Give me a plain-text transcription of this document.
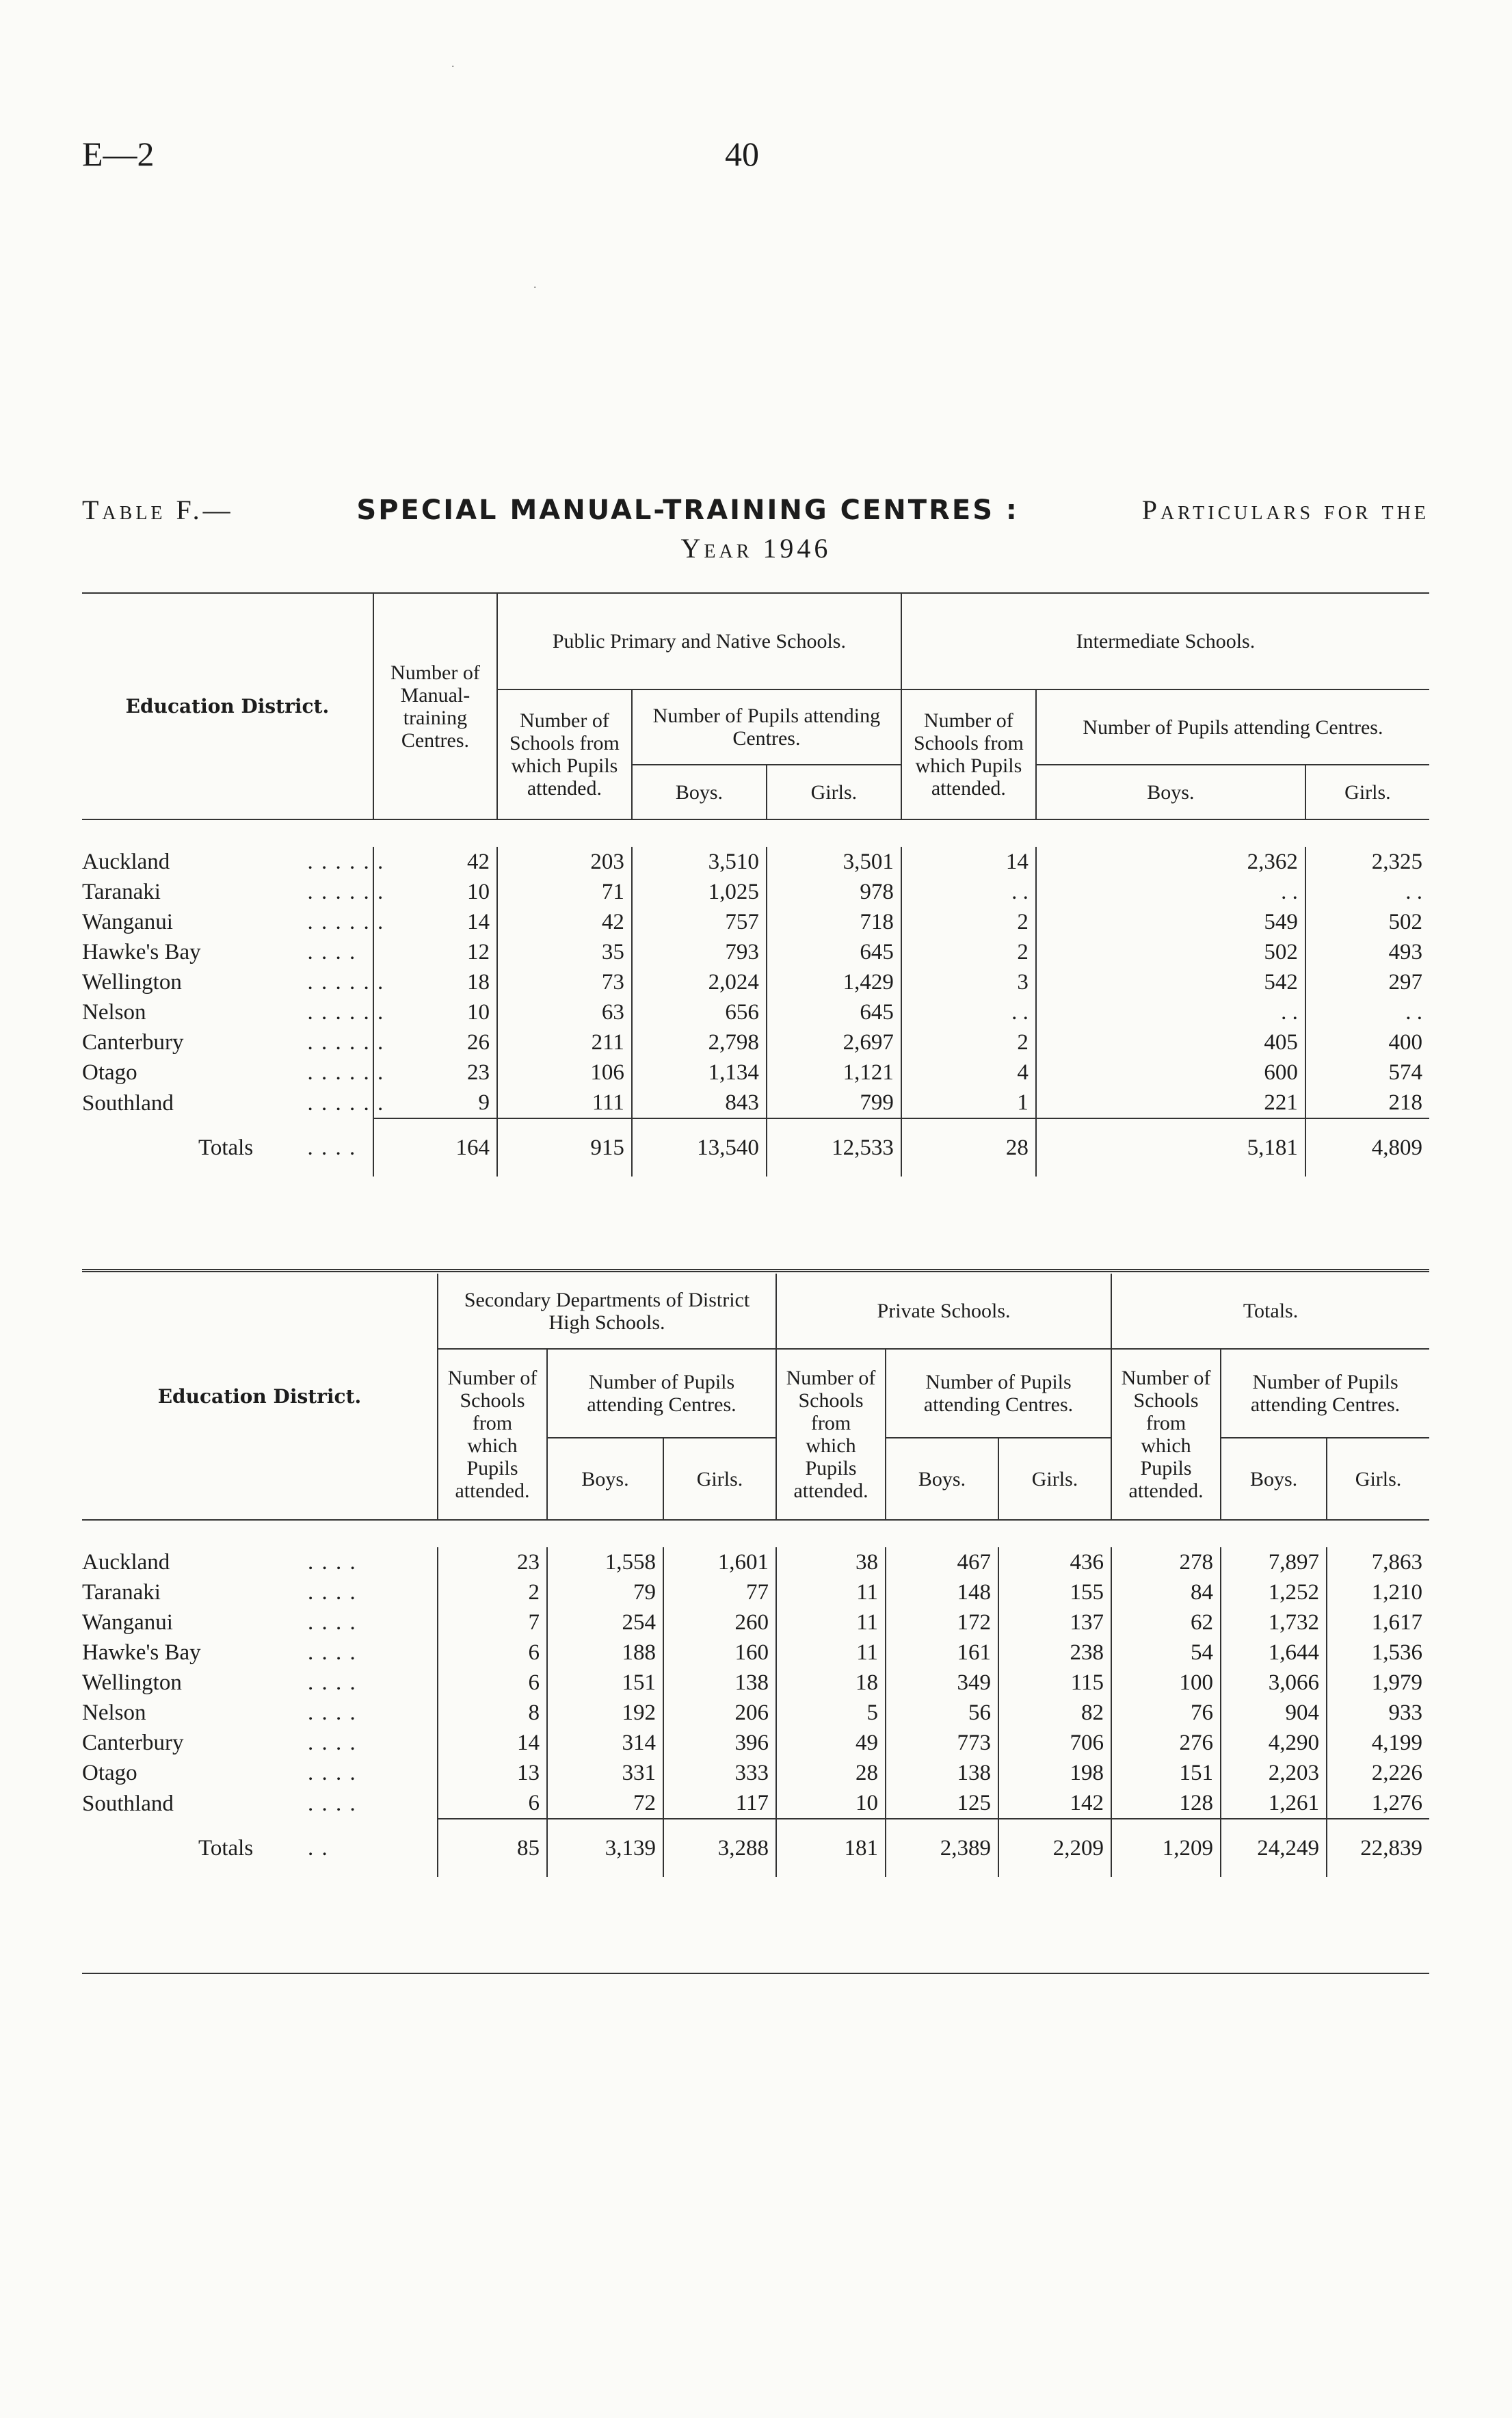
E—2	40
.
.
Table F.—	SPECIAL MANUAL-TRAINING CENTRES :	Particulars for the
Year 1946
Education District.		Number of Manual-training Centres.	Public Primary and Native Schools.			Intermediate Schools.		
			Number of Schools from which Pupils attended.	Number of Pupils attending Centres.		Number of Schools from which Pupils attended.	Number of Pupils attending Centres.	
				Boys.	Girls.		Boys.	Girls.

Auckland	. . . . . .	42	203	3,510	3,501	14	2,362	2,325
Taranaki	. . . . . .	10	71	1,025	978	. .	. .	. .
Wanganui	. . . . . .	14	42	757	718	2	549	502
Hawke's Bay	. . . .	12	35	793	645	2	502	493
Wellington	. . . . . .	18	73	2,024	1,429	3	542	297
Nelson	. . . . . .	10	63	656	645	. .	. .	. .
Canterbury	. . . . . .	26	211	2,798	2,697	2	405	400
Otago	. . . . . .	23	106	1,134	1,121	4	600	574
Southland	. . . . . .	9	111	843	799	1	221	218
Totals	. . . .	164	915	13,540	12,533	28	5,181	4,809
Education District.		Secondary Departments of District High Schools.			Private Schools.			Totals.		
		Number of Schools from which Pupils attended.	Number of Pupils attending Centres.		Number of Schools from which Pupils attended.	Number of Pupils attending Centres.		Number of Schools from which Pupils attended.	Number of Pupils attending Centres.	
			Boys.	Girls.		Boys.	Girls.		Boys.	Girls.

Auckland	. . . .	23	1,558	1,601	38	467	436	278	7,897	7,863
Taranaki	. . . .	2	79	77	11	148	155	84	1,252	1,210
Wanganui	. . . .	7	254	260	11	172	137	62	1,732	1,617
Hawke's Bay	. . . .	6	188	160	11	161	238	54	1,644	1,536
Wellington	. . . .	6	151	138	18	349	115	100	3,066	1,979
Nelson	. . . .	8	192	206	5	56	82	76	904	933
Canterbury	. . . .	14	314	396	49	773	706	276	4,290	4,199
Otago	. . . .	13	331	333	28	138	198	151	2,203	2,226
Southland	. . . .	6	72	117	10	125	142	128	1,261	1,276
Totals	. .	85	3,139	3,288	181	2,389	2,209	1,209	24,249	22,839
